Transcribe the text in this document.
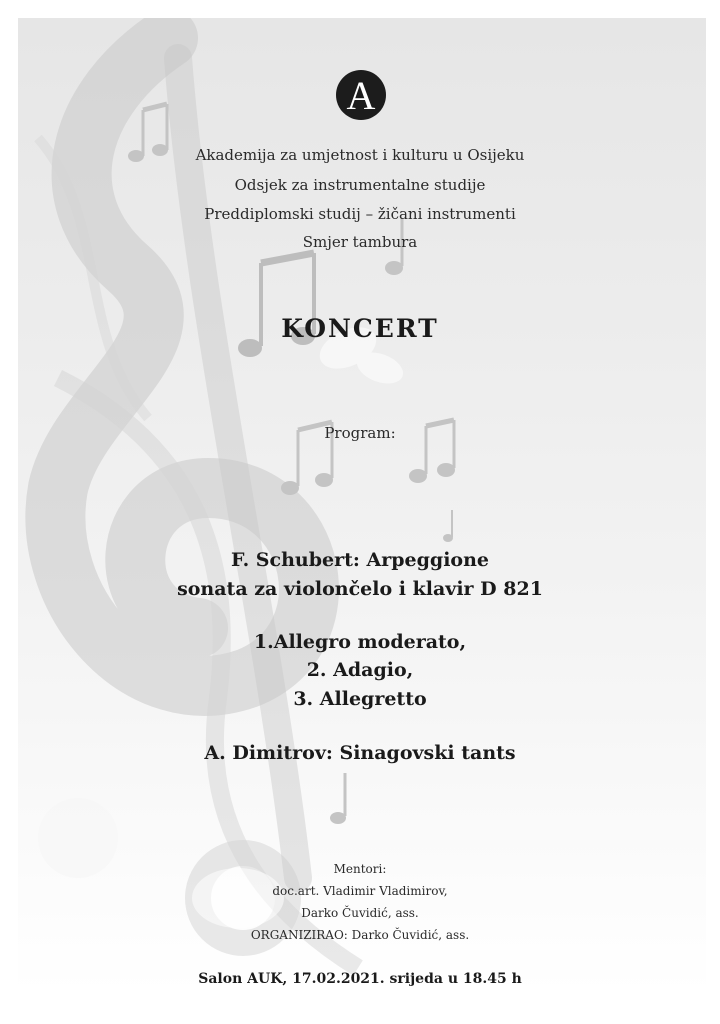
A
Akademija za umjetnost i kulturu u Osijeku
Odsjek za instrumentalne studije
Preddiplomski studij – žičani instrumenti
Smjer tambura
KONCERT
Program:
F. Schubert: Arpeggione
sonata za violončelo i klavir D 821
1.Allegro moderato,
2. Adagio,
3. Allegretto
A. Dimitrov: Sinagovski tants
Mentori:
doc.art. Vladimir Vladimirov,
Darko Čuvidić, ass.
ORGANIZIRAO: Darko Čuvidić, ass.
Salon AUK, 17.02.2021. srijeda u 18.45 h
